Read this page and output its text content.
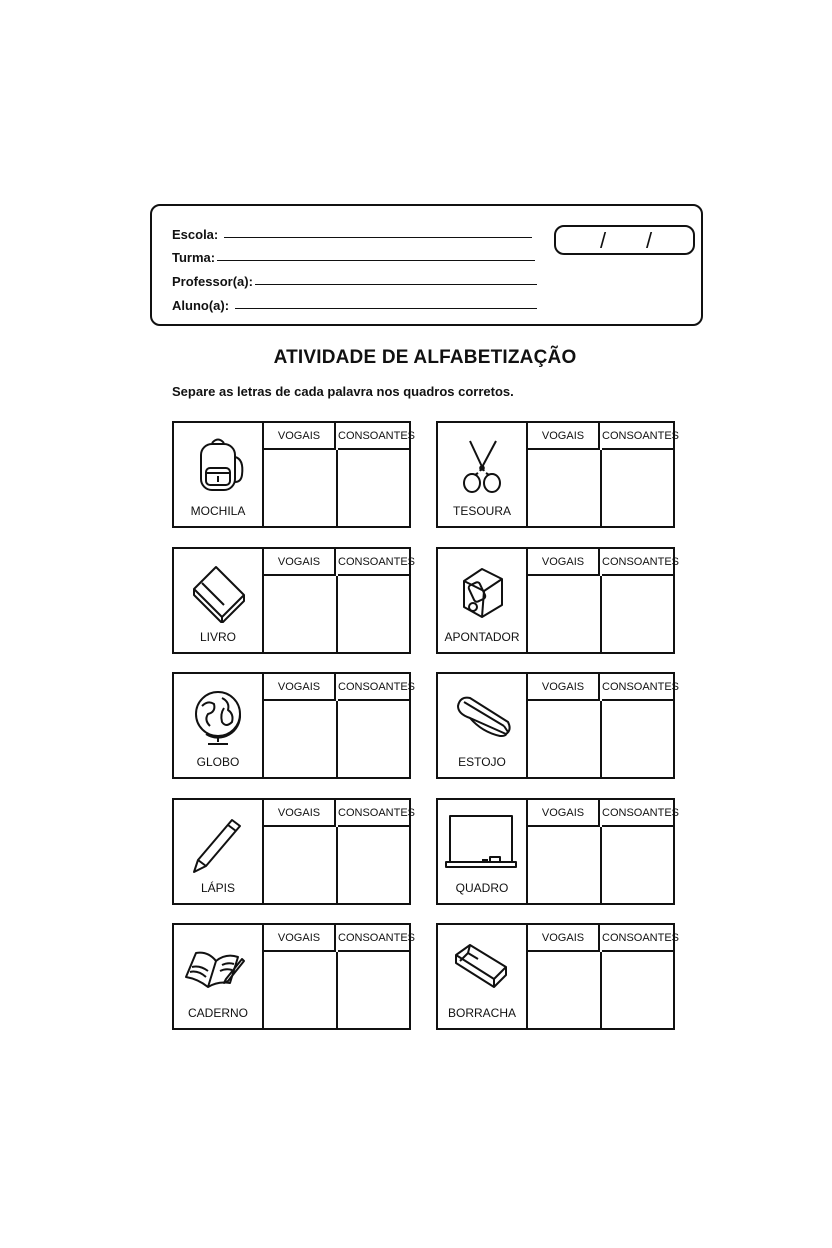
Escola:
Turma:
Professor(a):
Aluno(a):
/ /
ATIVIDADE DE ALFABETIZAÇÃO
Separe as letras de cada palavra nos quadros corretos.
MOCHILA
VOGAIS	CONSOANTES
TESOURA
VOGAIS	CONSOANTES
LIVRO
VOGAIS	CONSOANTES
APONTADOR
VOGAIS	CONSOANTES
GLOBO
VOGAIS	CONSOANTES
ESTOJO
VOGAIS	CONSOANTES
LÁPIS
VOGAIS	CONSOANTES
QUADRO
VOGAIS	CONSOANTES
CADERNO
VOGAIS	CONSOANTES
BORRACHA
VOGAIS	CONSOANTES
